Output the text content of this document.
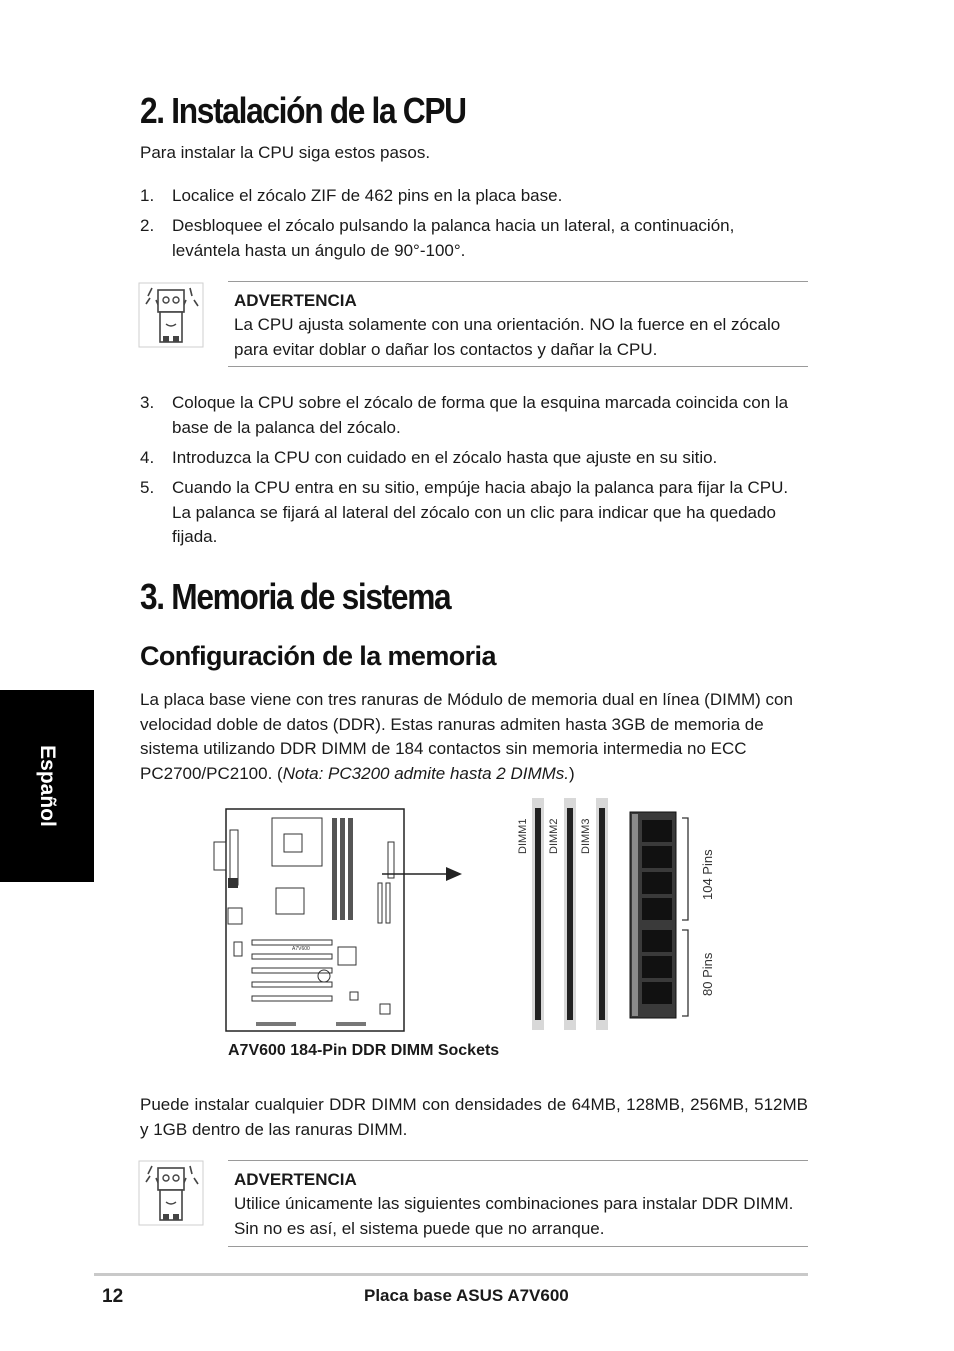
2. Instalación de la CPU

Para instalar la CPU siga estos pasos.

1.	Localice el zócalo ZIF de 462 pins en la placa base.
2.	Desbloquee el zócalo pulsando la palanca hacia un lateral, a continuación, levántela hasta un ángulo de 90°-100°.
ADVERTENCIA
La CPU ajusta solamente con una orientación. NO la fuerce en el zócalo para evitar doblar o dañar los contactos y dañar la CPU.
3.	Coloque la CPU sobre el zócalo de forma que la esquina marcada coincida con la base de la palanca del zócalo.
4.	Introduzca la CPU con cuidado en el zócalo hasta que ajuste en su sitio.
5.	Cuando la CPU entra en su sitio, empúje hacia abajo la palanca para fijar la CPU. La palanca se fijará al lateral del zócalo con un clic para indicar que ha quedado fijada.
3. Memoria de sistema
Configuración de la memoria

La placa base viene con tres ranuras de Módulo de memoria dual en línea (DIMM) con velocidad doble de datos (DDR). Estas ranuras admiten hasta 3GB de memoria de sistema utilizando DDR DIMM de 184 contactos sin memoria intermedia no ECC PC2700/PC2100. (Nota: PC3200 admite hasta 2 DIMMs.)

A7V600
DIMM1 DIMM2 DIMM3
104 Pins
80 Pins
A7V600 184-Pin DDR DIMM Sockets

Puede instalar cualquier DDR DIMM con densidades de 64MB, 128MB, 256MB, 512MB y 1GB dentro de las ranuras DIMM.

ADVERTENCIA
Utilice únicamente las siguientes combinaciones para instalar DDR DIMM. Sin no es así, el sistema puede que no arranque.
Español
12	Placa base ASUS A7V600
